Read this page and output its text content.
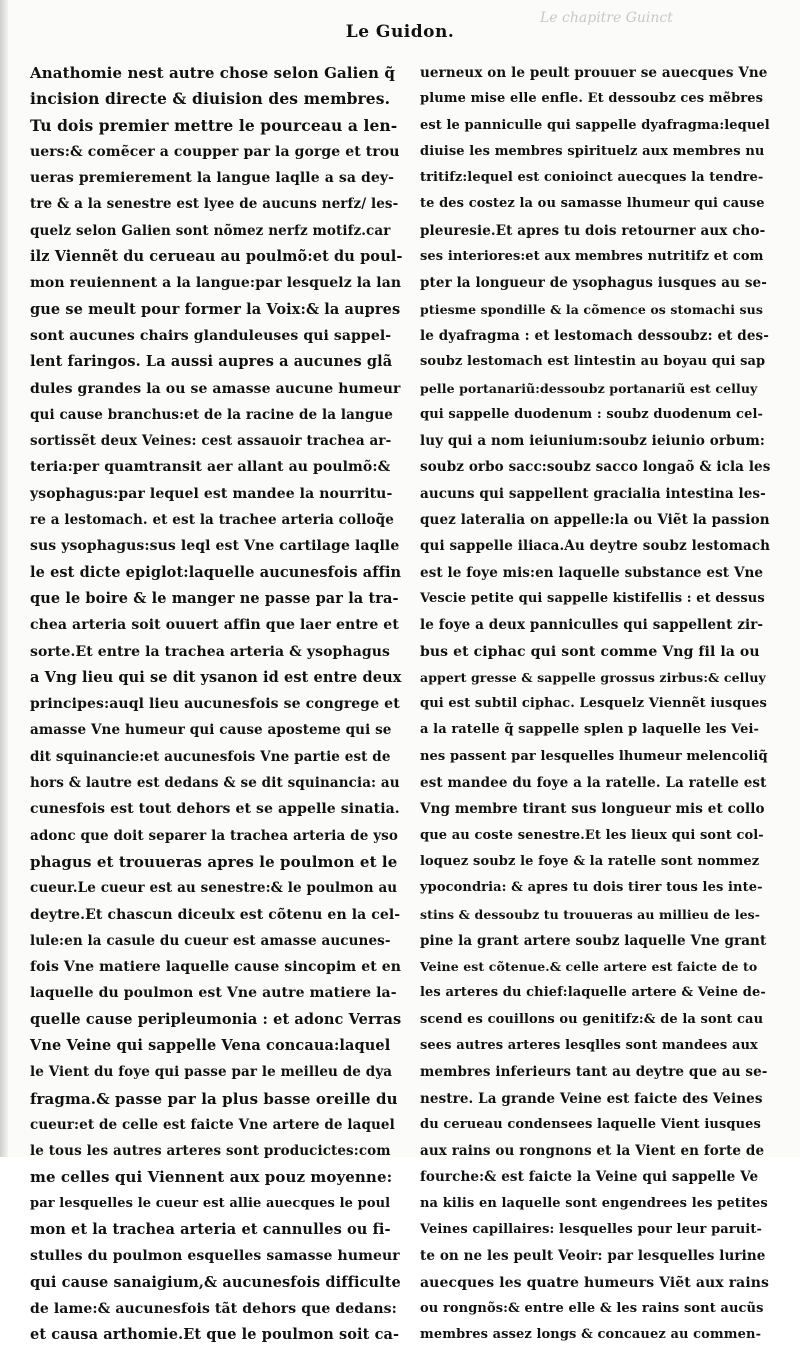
Le chapitre Guinct
Le Guidon.
Anathomie nest autre chose selon Galien q̃
incision directe & diuision des membres.
Tu dois premier mettre le pourceau a len-
uers:& comẽcer a coupper par la gorge et trou
ueras premierement la langue laqlle a sa dey-
tre & a la senestre est lyee de aucuns nerfz/ les-
quelz selon Galien sont nõmez nerfz motifz.car
ilz Viennẽt du cerueau au poulmõ:et du poul-
mon reuiennent a la langue:par lesquelz la lan
gue se meult pour former la Voix:& la aupres
sont aucunes chairs glanduleuses qui sappel-
lent faringos. La aussi aupres a aucunes glã
dules grandes la ou se amasse aucune humeur
qui cause branchus:et de la racine de la langue
sortissẽt deux Veines: cest assauoir trachea ar-
teria:per quamtransit aer allant au poulmõ:&
ysophagus:par lequel est mandee la nourritu-
re a lestomach. et est la trachee arteria colloq̃e
sus ysophagus:sus leql est Vne cartilage laqlle
le est dicte epiglot:laquelle aucunesfois affin
que le boire & le manger ne passe par la tra-
chea arteria soit ouuert affin que laer entre et
sorte.Et entre la trachea arteria & ysophagus
a Vng lieu qui se dit ysanon id est entre deux
principes:auql lieu aucunesfois se congrege et
amasse Vne humeur qui cause aposteme qui se
dit squinancie:et aucunesfois Vne partie est de
hors & lautre est dedans & se dit squinancia: au
cunesfois est tout dehors et se appelle sinatia.
adonc que doit separer la trachea arteria de yso
phagus et trouueras apres le poulmon et le
cueur.Le cueur est au senestre:& le poulmon au
deytre.Et chascun diceulx est cõtenu en la cel-
lule:en la casule du cueur est amasse aucunes-
fois Vne matiere laquelle cause sincopim et en
laquelle du poulmon est Vne autre matiere la-
quelle cause peripleumonia : et adonc Verras
Vne Veine qui sappelle Vena concaua:laquel
le Vient du foye qui passe par le meilleu de dya
fragma.& passe par la plus basse oreille du
cueur:et de celle est faicte Vne artere de laquel
le tous les autres arteres sont producictes:com
me celles qui Viennent aux pouz moyenne:
par lesquelles le cueur est allie auecques le poul
mon et la trachea arteria et cannulles ou fi-
stulles du poulmon esquelles samasse humeur
qui cause sanaigium,& aucunesfois difficulte
de lame:& aucunesfois tãt dehors que dedans:
et causa arthomie.Et que le poulmon soit ca-
uerneux on le peult prouuer se auecques Vne
plume mise elle enfle. Et dessoubz ces mẽbres
est le panniculle qui sappelle dyafragma:lequel
diuise les membres spirituelz aux membres nu
tritifz:lequel est conioinct auecques la tendre-
te des costez la ou samasse lhumeur qui cause
pleuresie.Et apres tu dois retourner aux cho-
ses interiores:et aux membres nutritifz et com
pter la longueur de ysophagus iusques au se-
ptiesme spondille & la cõmence os stomachi sus
le dyafragma : et lestomach dessoubz: et des-
soubz lestomach est lintestin au boyau qui sap
pelle portanariũ:dessoubz portanariũ est celluy
qui sappelle duodenum : soubz duodenum cel-
luy qui a nom ieiunium:soubz ieiunio orbum:
soubz orbo sacc:soubz sacco longaõ & icla les
aucuns qui sappellent gracialia intestina les-
quez lateralia on appelle:la ou Viẽt la passion
qui sappelle iliaca.Au deytre soubz lestomach
est le foye mis:en laquelle substance est Vne
Vescie petite qui sappelle kistifellis : et dessus
le foye a deux panniculles qui sappellent zir-
bus et ciphac qui sont comme Vng fil la ou
appert gresse & sappelle grossus zirbus:& celluy
qui est subtil ciphac. Lesquelz Viennẽt iusques
a la ratelle q̃ sappelle splen p laquelle les Vei-
nes passent par lesquelles lhumeur melencoliq̃
est mandee du foye a la ratelle. La ratelle est
Vng membre tirant sus longueur mis et collo
que au coste senestre.Et les lieux qui sont col-
loquez soubz le foye & la ratelle sont nommez
ypocondria: & apres tu dois tirer tous les inte-
stins & dessoubz tu trouueras au millieu de les-
pine la grant artere soubz laquelle Vne grant
Veine est cõtenue.& celle artere est faicte de to
les arteres du chief:laquelle artere & Veine de-
scend es couillons ou genitifz:& de la sont cau
sees autres arteres lesqlles sont mandees aux
membres inferieurs tant au deytre que au se-
nestre. La grande Veine est faicte des Veines
du cerueau condensees laquelle Vient iusques
aux rains ou rongnons et la Vient en forte de
fourche:& est faicte la Veine qui sappelle Ve
na kilis en laquelle sont engendrees les petites
Veines capillaires: lesquelles pour leur paruit-
te on ne les peult Veoir: par lesquelles lurine
auecques les quatre humeurs Viẽt aux rains
ou rongnõs:& entre elle & les rains sont aucũs
membres assez longs & concauez au commen-
